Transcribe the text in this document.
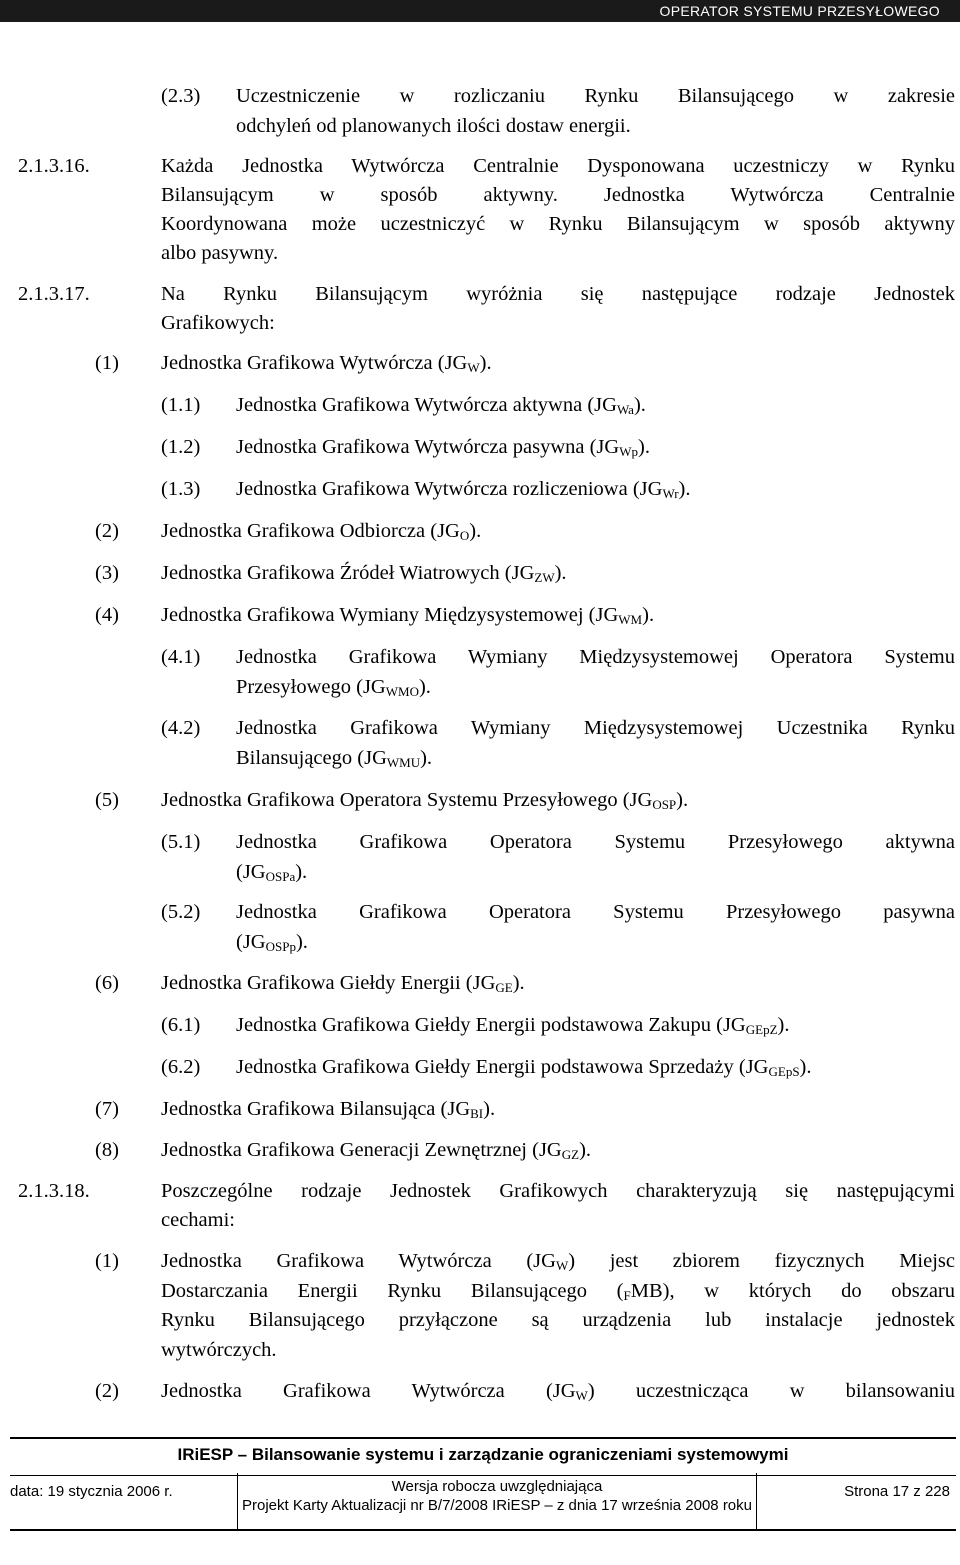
OPERATOR SYSTEMU PRZESYŁOWEGO
(2.3) Uczestniczenie w rozliczaniu Rynku Bilansującego w zakresie
odchyleń od planowanych ilości dostaw energii.
2.1.3.16.	Każda Jednostka Wytwórcza Centralnie Dysponowana uczestniczy w Rynku
Bilansującym w sposób aktywny. Jednostka Wytwórcza Centralnie
Koordynowana może uczestniczyć w Rynku Bilansującym w sposób aktywny
albo pasywny.
2.1.3.17.	Na Rynku Bilansującym wyróżnia się następujące rodzaje Jednostek
Grafikowych:
(1) Jednostka Grafikowa Wytwórcza $(JG_W)$.
(1.1) Jednostka Grafikowa Wytwórcza aktywna $(JG_{Wa})$.
(1.2) Jednostka Grafikowa Wytwórcza pasywna $(JG_{Wp})$.
(1.3) Jednostka Grafikowa Wytwórcza rozliczeniowa $(JG_{Wr})$.
(2) Jednostka Grafikowa Odbiorcza $(JG_O)$.
(3) Jednostka Grafikowa Źródeł Wiatrowych $(JG_{ZW})$.
(4) Jednostka Grafikowa Wymiany Międzysystemowej $(JG_{WM})$.
(4.1) Jednostka Grafikowa Wymiany Międzysystemowej Operatora Systemu
Przesyłowego $(JG_{WMO})$.
(4.2) Jednostka Grafikowa Wymiany Międzysystemowej Uczestnika Rynku
Bilansującego $(JG_{WMU})$.
(5) Jednostka Grafikowa Operatora Systemu Przesyłowego $(JG_{OSP})$.
(5.1) Jednostka Grafikowa Operatora Systemu Przesyłowego aktywna
$(JG_{OSPa})$.
(5.2) Jednostka Grafikowa Operatora Systemu Przesyłowego pasywna
$(JG_{OSPp})$.
(6) Jednostka Grafikowa Giełdy Energii $(JG_{GE})$.
(6.1) Jednostka Grafikowa Giełdy Energii podstawowa Zakupu $(JG_{GEpZ})$.
(6.2) Jednostka Grafikowa Giełdy Energii podstawowa Sprzedaży $(JG_{GEpS})$.
(7) Jednostka Grafikowa Bilansująca $(JG_{BI})$.
(8) Jednostka Grafikowa Generacji Zewnętrznej $(JG_{GZ})$.
2.1.3.18.	Poszczególne rodzaje Jednostek Grafikowych charakteryzują się następującymi
cechami:
(1) Jednostka Grafikowa Wytwórcza $(JG_W)$ jest zbiorem fizycznych Miejsc
Dostarczania Energii Rynku Bilansującego $(_FMB)$, w których do obszaru
Rynku Bilansującego przyłączone są urządzenia lub instalacje jednostek
wytwórczych.
(2) Jednostka Grafikowa Wytwórcza $(JG_W)$ uczestnicząca w bilansowaniu
IRiESP – Bilansowanie systemu i zarządzanie ograniczeniami systemowymi
data: 19 stycznia 2006 r.	Wersja robocza uwzględniająca
Projekt Karty Aktualizacji nr B/7/2008 IRiESP – z dnia 17 września 2008 roku
Strona 17 z 228
